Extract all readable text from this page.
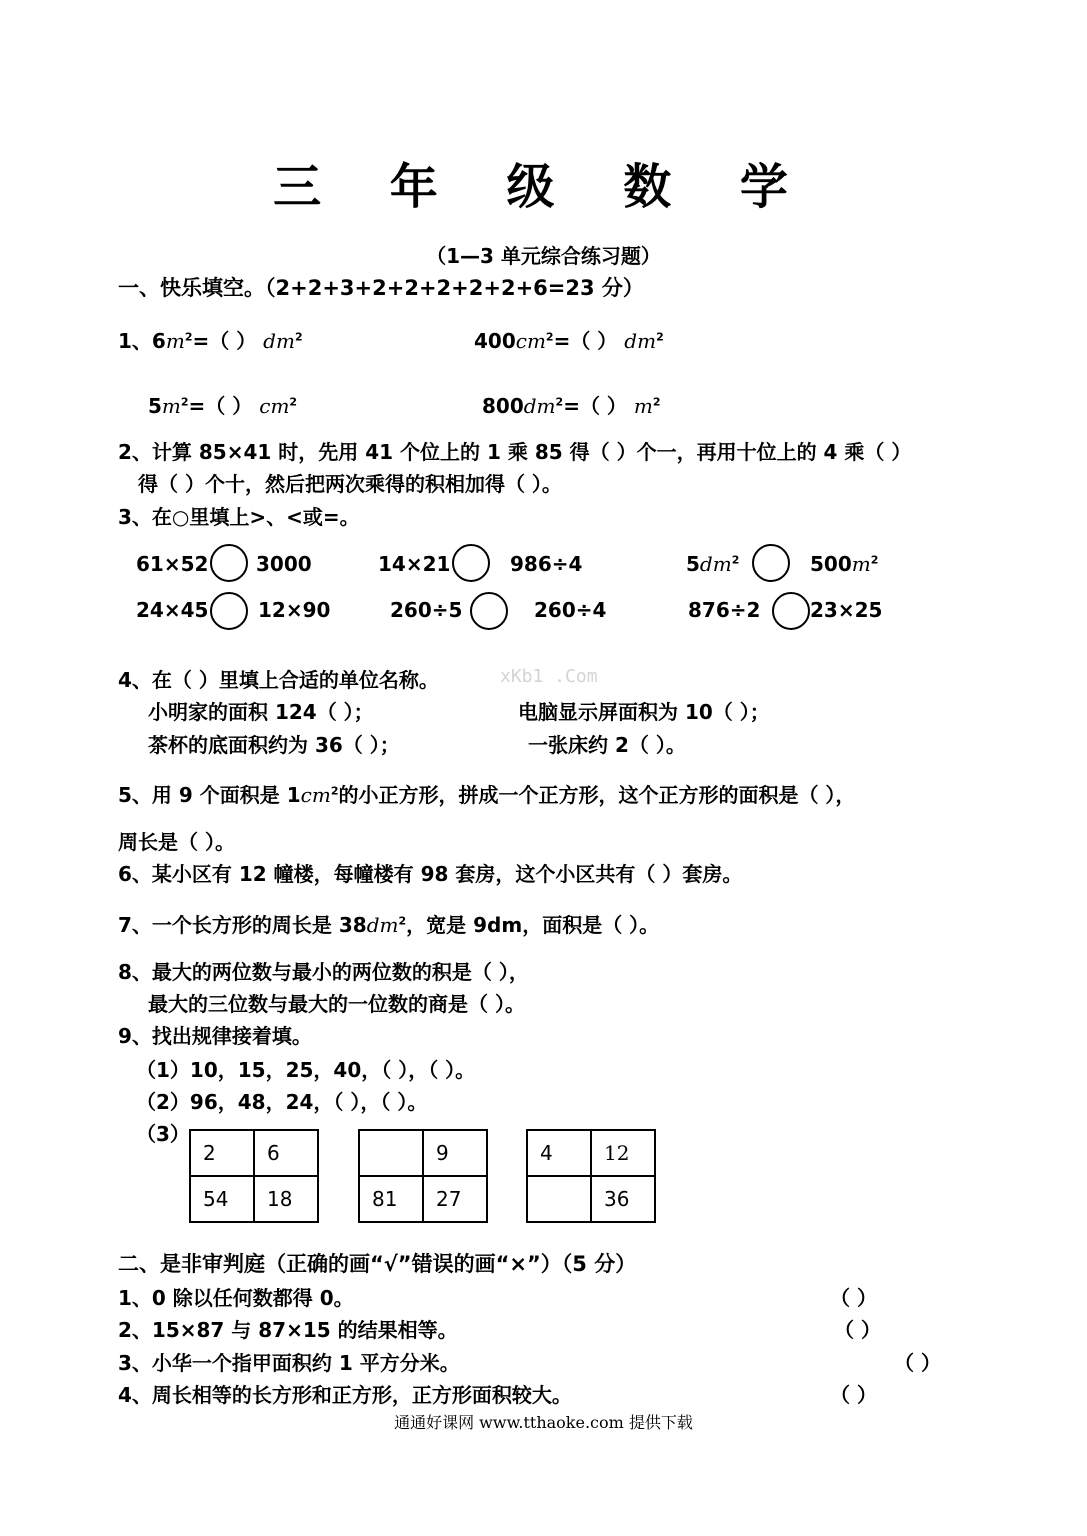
三 年 级 数 学
（1—3 单元综合练习题）
一、快乐填空。（2+2+3+2+2+2+2+2+6=23 分）
1、$6m^2=$（ ） $dm^2$	$400cm^2=$（ ） $dm^2$
$5m^2=$（ ） $cm^2$	$800dm^2=$（ ） $m^2$
2、计算 85×41 时，先用 41 个位上的 1 乘 85 得（ ）个一，再用十位上的 4 乘（ ）
得（ ）个十，然后把两次乘得的积相加得（ ）。
3、在○里填上>、<或=。
61×52 3000	14×21	986÷4	$5dm^2$	$500m^2$
24×45 12×90	260÷5	260÷4	876÷2 23×25
4、在（ ）里填上合适的单位名称。	xKb1 .Com
小明家的面积 124（ ）；	电脑显示屏面积为 10（ ）；
茶杯的底面积约为 36（ ）；	一张床约 2（ ）。
5、用 9 个面积是 $1cm^2$的小正方形，拼成一个正方形，这个正方形的面积是（ ），
周长是（ ）。
6、某小区有 12 幢楼，每幢楼有 98 套房，这个小区共有（ ）套房。
7、一个长方形的周长是 $38dm^2$，宽是 9dm，面积是（ ）。
8、最大的两位数与最小的两位数的积是（ ），
最大的三位数与最大的一位数的商是（ ）。
9、找出规律接着填。
（1）10，15，25，40，（ ），（ ）。
（2）96，48，24，（ ），（ ）。
（3）
2	6
54	18
	9
81	27
4	12
	36
二、是非审判庭（正确的画“√”错误的画“×”）（5 分）
1、0 除以任何数都得 0。	（ ）
2、15×87 与 87×15 的结果相等。	（ ）
3、小华一个指甲面积约 1 平方分米。	（ ）
4、周长相等的长方形和正方形，正方形面积较大。	（ ）
通通好课网 www.tthaoke.com 提供下载
